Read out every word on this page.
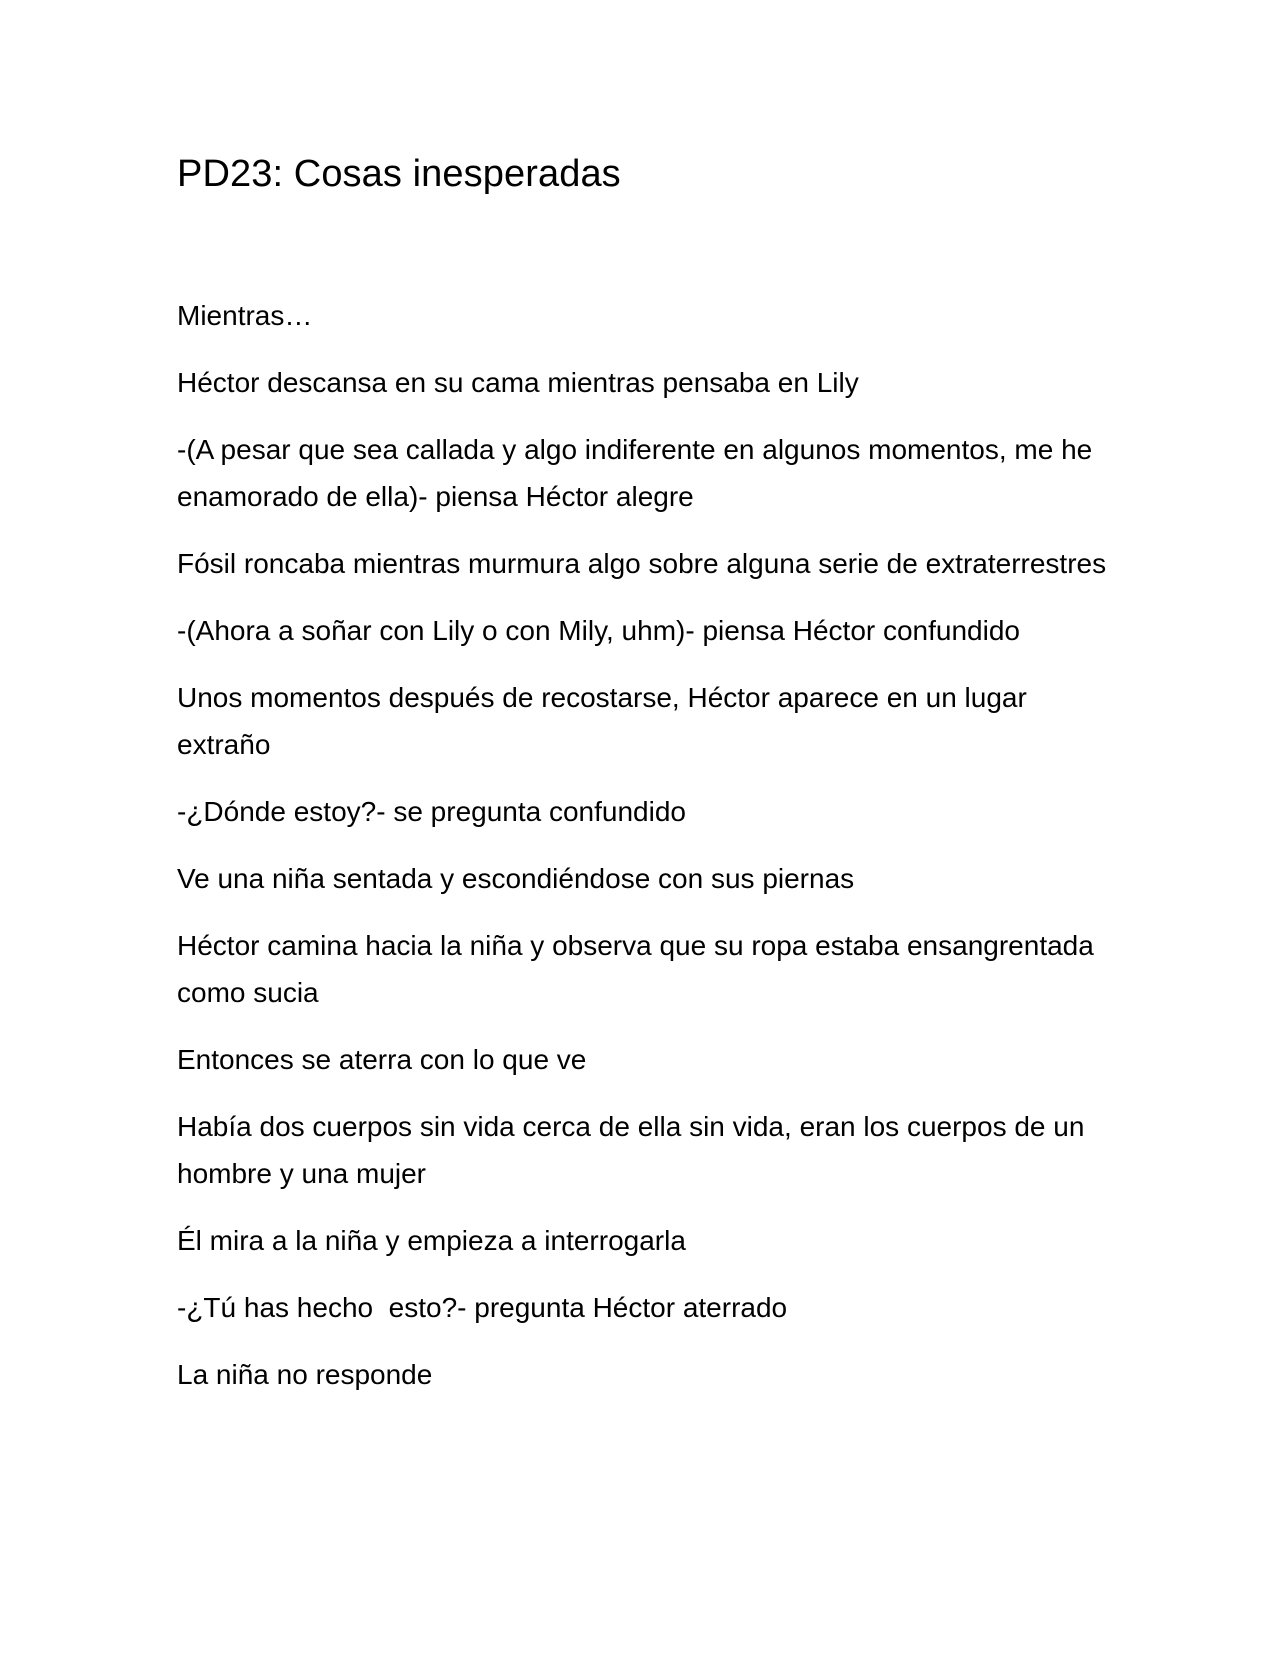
PD23: Cosas inesperadas

Mientras…

Héctor descansa en su cama mientras pensaba en Lily

-(A pesar que sea callada y algo indiferente en algunos momentos, me he enamorado de ella)- piensa Héctor alegre

Fósil roncaba mientras murmura algo sobre alguna serie de extraterrestres

-(Ahora a soñar con Lily o con Mily, uhm)- piensa Héctor confundido

Unos momentos después de recostarse, Héctor aparece en un lugar extraño

-¿Dónde estoy?- se pregunta confundido

Ve una niña sentada y escondiéndose con sus piernas

Héctor camina hacia la niña y observa que su ropa estaba ensangrentada como sucia

Entonces se aterra con lo que ve

Había dos cuerpos sin vida cerca de ella sin vida, eran los cuerpos de un hombre y una mujer

Él mira a la niña y empieza a interrogarla

-¿Tú has hecho  esto?- pregunta Héctor aterrado

La niña no responde
